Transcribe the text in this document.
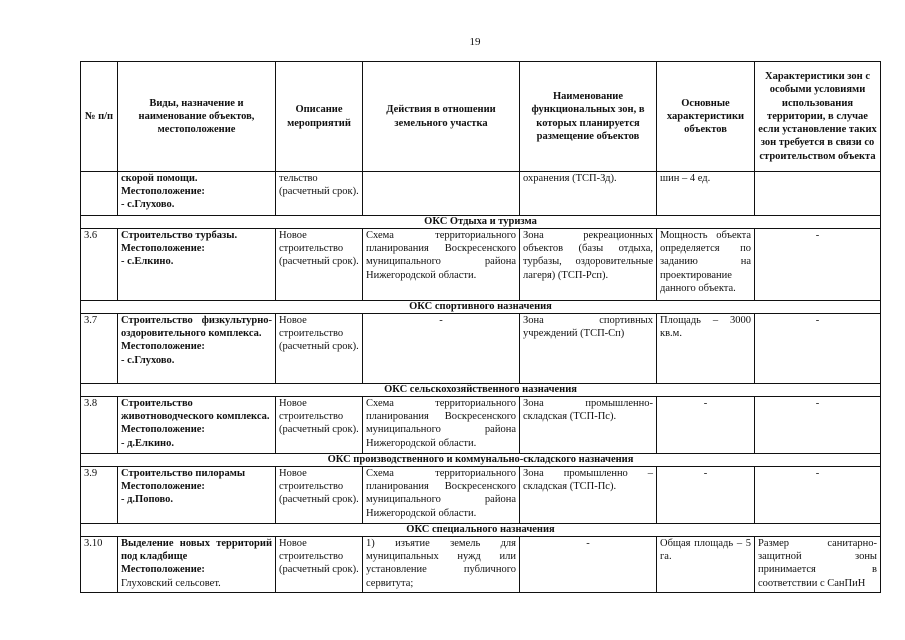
19
№ п/п	Виды, назначение и наименование объектов, местоположение	Описание мероприятий	Действия в отношении земельного участка	Наименование функциональных зон, в которых планируется размещение объектов	Основные характеристики объектов	Характеристики зон с особыми условиями использования территории, в случае если установление таких зон требуется в связи со строительством объекта

	скорой помощи.
Местоположение:
- с.Глухово.	тельство (расчетный срок).		охранения (ТСП-Зд).	шин – 4 ед.	
ОКС Отдыха и туризма						
3.6	Строительство турбазы.
Местоположение:
- с.Елкино.	Новое строительство (расчетный срок).	Схема территориального планирования Воскресенского муниципального района Нижегородской области.	Зона рекреационных объектов (базы отдыха, турбазы, оздоровительные лагеря) (ТСП-Рсп).	Мощность объекта определяется по заданию на проектирование данного объекта.	-
ОКС спортивного назначения						
3.7	Строительство физкультурно-оздоровительного комплекса.
Местоположение:
- с.Глухово.	Новое строительство (расчетный срок).	-	Зона спортивных учреждений (ТСП-Сп)	Площадь – 3000 кв.м.	-
ОКС сельскохозяйственного назначения						
3.8	Строительство животноводческого комплекса.
Местоположение:
- д.Елкино.	Новое строительство (расчетный срок).	Схема территориального планирования Воскресенского муниципального района Нижегородской области.	Зона промышленно-складская (ТСП-Пс).	-	-
ОКС производственного и коммунально-складского назначения						
3.9	Строительство пилорамы
Местоположение:
- д.Попово.	Новое строительство (расчетный срок).	Схема территориального планирования Воскресенского муниципального района Нижегородской области.	Зона промышленно – складская (ТСП-Пс).	-	-
ОКС специального назначения						
3.10	Выделение новых территорий под кладбище
Местоположение:
Глуховский сельсовет.	Новое строительство (расчетный срок).	1) изъятие земель для муниципальных нужд или установление публичного сервитута;	-	Общая площадь – 5 га.	Размер санитарно-защитной зоны принимается в соответствии с СанПиН
